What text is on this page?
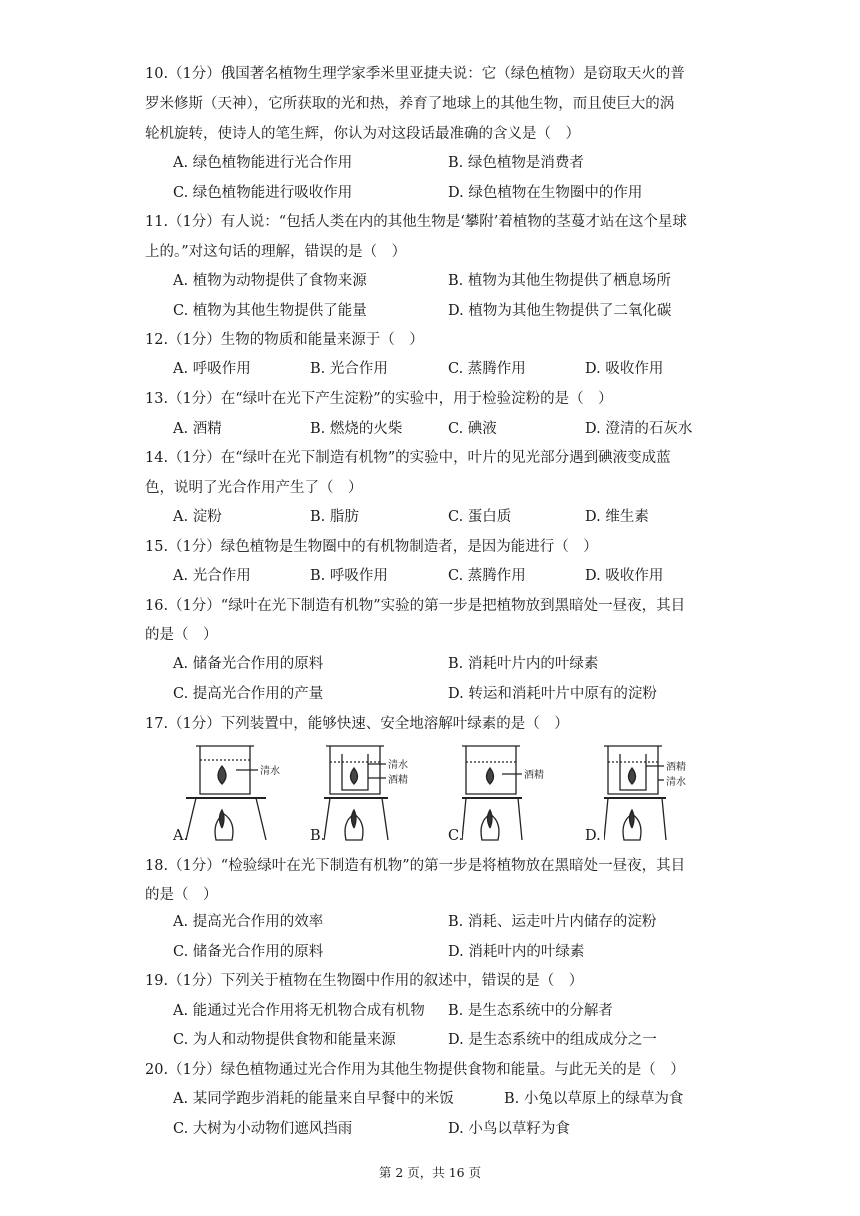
10.（1分）俄国著名植物生理学家季米里亚捷夫说：它（绿色植物）是窃取天火的普
罗米修斯（天神），它所获取的光和热，养育了地球上的其他生物，而且使巨大的涡
轮机旋转，使诗人的笔生辉，你认为对这段话最准确的含义是（　）
A. 绿色植物能进行光合作用	B. 绿色植物是消费者
C. 绿色植物能进行吸收作用	D. 绿色植物在生物圈中的作用
11.（1分）有人说：“包括人类在内的其他生物是‘攀附’着植物的茎蔓才站在这个星球
上的。”对这句话的理解，错误的是（　）
A. 植物为动物提供了食物来源	B. 植物为其他生物提供了栖息场所
C. 植物为其他生物提供了能量	D. 植物为其他生物提供了二氧化碳
12.（1分）生物的物质和能量来源于（　）
A. 呼吸作用	B. 光合作用	C. 蒸腾作用	D. 吸收作用
13.（1分）在“绿叶在光下产生淀粉”的实验中，用于检验淀粉的是（　）
A. 酒精	B. 燃烧的火柴	C. 碘液	D. 澄清的石灰水
14.（1分）在“绿叶在光下制造有机物”的实验中，叶片的见光部分遇到碘液变成蓝
色，说明了光合作用产生了（　）
A. 淀粉	B. 脂肪	C. 蛋白质	D. 维生素
15.（1分）绿色植物是生物圈中的有机物制造者，是因为能进行（　）
A. 光合作用	B. 呼吸作用	C. 蒸腾作用	D. 吸收作用
16.（1分）“绿叶在光下制造有机物”实验的第一步是把植物放到黑暗处一昼夜，其目
的是（　）
A. 储备光合作用的原料	B. 消耗叶片内的叶绿素
C. 提高光合作用的产量	D. 转运和消耗叶片中原有的淀粉
17.（1分）下列装置中，能够快速、安全地溶解叶绿素的是（　）
清水
A.
清水
酒精
B.
酒精
C.
酒精
清水
D.
18.（1分）“检验绿叶在光下制造有机物”的第一步是将植物放在黑暗处一昼夜，其目
的是（　）
A. 提高光合作用的效率	B. 消耗、运走叶片内储存的淀粉
C. 储备光合作用的原料	D. 消耗叶内的叶绿素
19.（1分）下列关于植物在生物圈中作用的叙述中，错误的是（　）
A. 能通过光合作用将无机物合成有机物 B. 是生态系统中的分解者
C. 为人和动物提供食物和能量来源	D. 是生态系统中的组成成分之一
20.（1分）绿色植物通过光合作用为其他生物提供食物和能量。与此无关的是（　）
A. 某同学跑步消耗的能量来自早餐中的米饭	B. 小兔以草原上的绿草为食
C. 大树为小动物们遮风挡雨	D. 小鸟以草籽为食
第 2 页，共 16 页
